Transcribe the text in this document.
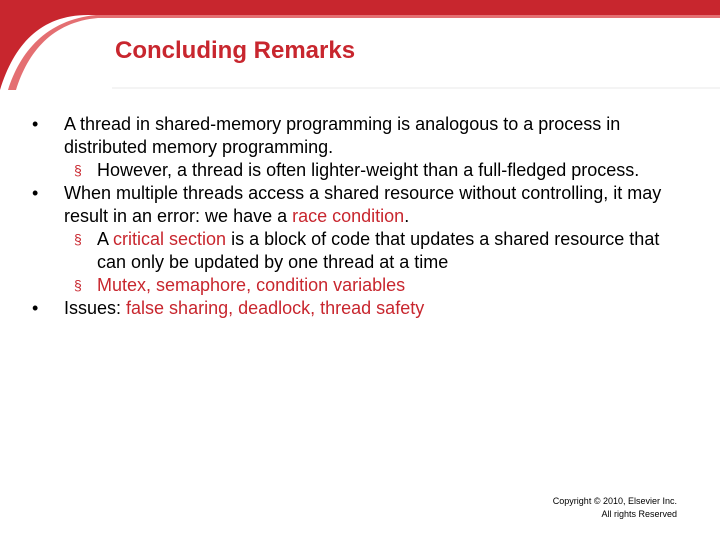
Concluding Remarks
• A thread in shared-memory programming is analogous to a process in distributed memory programming.
§ However, a thread is often lighter-weight than a full-fledged process.
• When multiple threads access a shared resource without controlling, it may result in an error: we have a race condition.
§ A critical section is a block of code that updates a shared resource that can only be updated by one thread at a time
§ Mutex, semaphore, condition variables
• Issues: false sharing, deadlock, thread safety
Copyright © 2010, Elsevier Inc.
All rights Reserved
